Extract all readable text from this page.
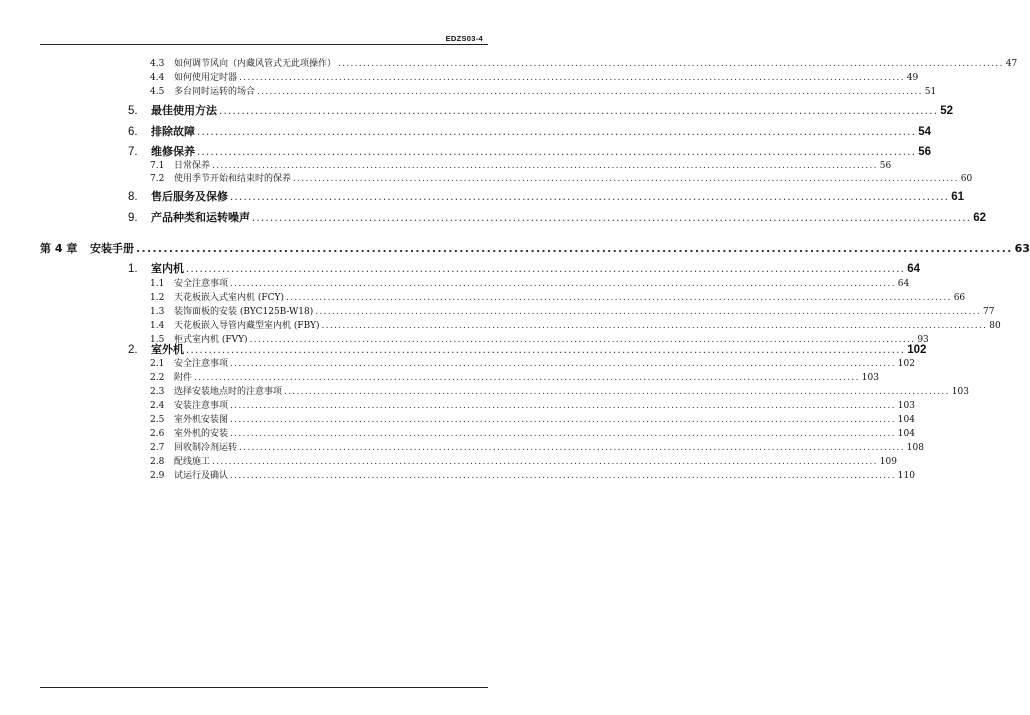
EDZS03-4
4.3	如何调节风向（内藏风管式无此项操作） ................................................................................................................................................................ 47
4.4	如何使用定时器 ................................................................................................................................................................ 49
4.5	多台同时运转的场合 ................................................................................................................................................................ 51
5.	最佳使用方法 ................................................................................................................................................................ 52
6.	排除故障 ................................................................................................................................................................ 54
7.	维修保养 ................................................................................................................................................................ 56
7.1	日常保养 ................................................................................................................................................................ 56
7.2	使用季节开始和结束时的保养 ................................................................................................................................................................ 60
8.	售后服务及保修 ................................................................................................................................................................ 61
9.	产品种类和运转噪声 ................................................................................................................................................................ 62
第 4 章	安装手册 ................................................................................................................................................................ 63
1.	室内机 ................................................................................................................................................................ 64
1.1	安全注意事项 ................................................................................................................................................................ 64
1.2	天花板嵌入式室内机 (FCY) ................................................................................................................................................................ 66
1.3	装饰面板的安装 (BYC125B-W18) ................................................................................................................................................................ 77
1.4	天花板嵌入导管内藏型室内机 (FBY) ................................................................................................................................................................ 80
1.5	柜式室内机 (FVY) ................................................................................................................................................................ 93
2.	室外机 ................................................................................................................................................................ 102
2.1	安全注意事项 ................................................................................................................................................................ 102
2.2	附件 ................................................................................................................................................................ 103
2.3	选择安装地点时的注意事项 ................................................................................................................................................................ 103
2.4	安装注意事项 ................................................................................................................................................................ 103
2.5	室外机安装图 ................................................................................................................................................................ 104
2.6	室外机的安装 ................................................................................................................................................................ 104
2.7	回收制冷剂运转 ................................................................................................................................................................ 108
2.8	配线施工 ................................................................................................................................................................ 109
2.9	试运行及确认 ................................................................................................................................................................ 110
